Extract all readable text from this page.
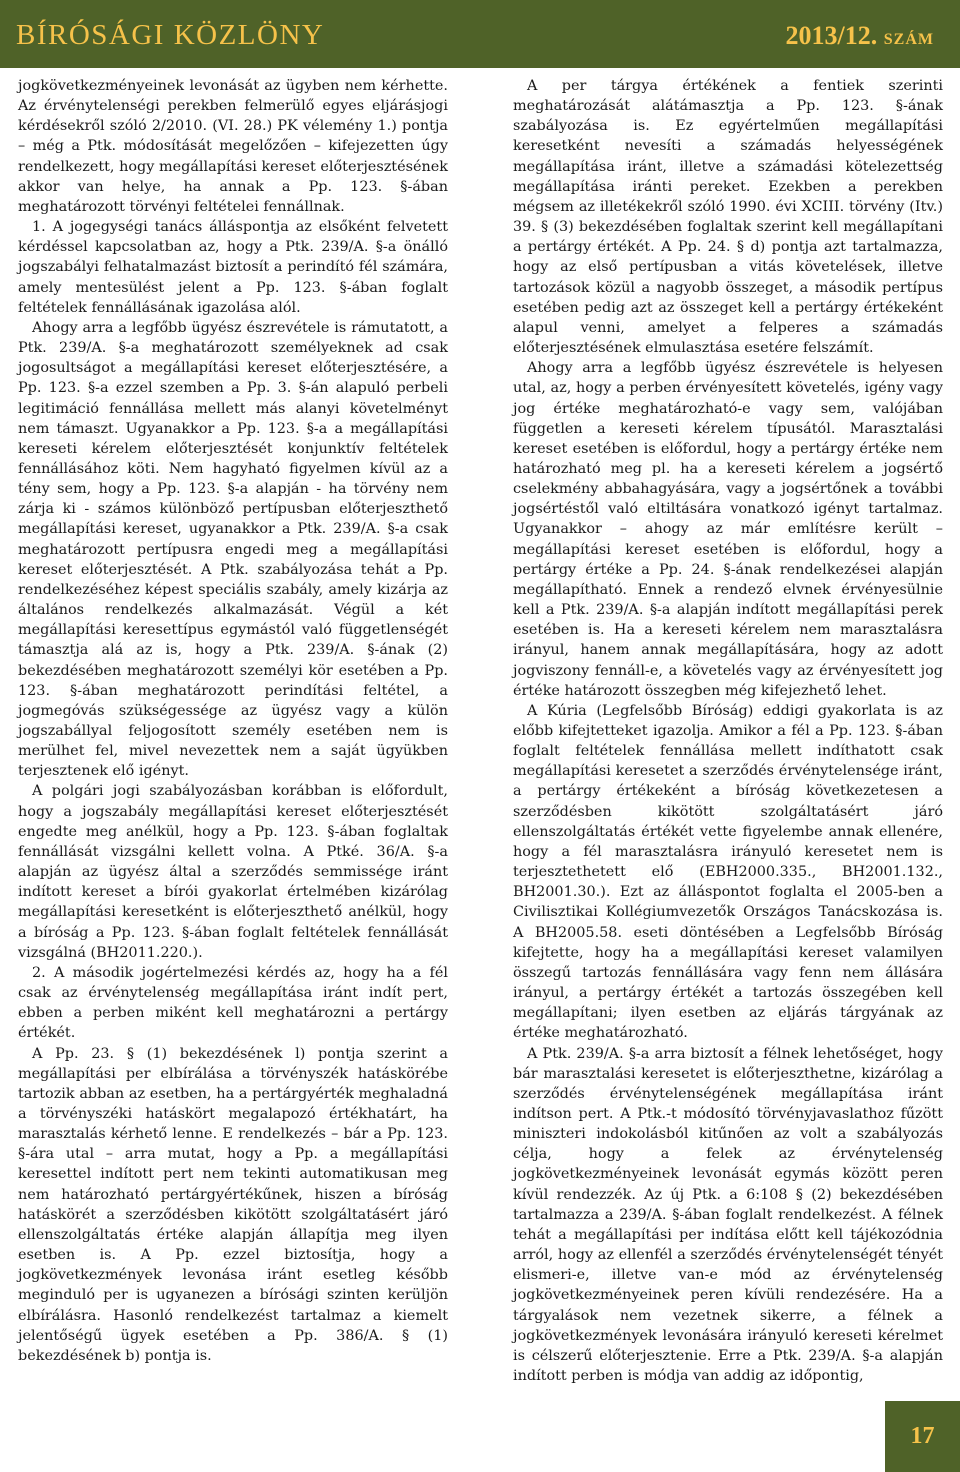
BÍRÓSÁGI KÖZLÖNY	2013/12. SZÁM

jogkövetkezményeinek levonását az ügyben nem kérhette. Az érvénytelenségi perekben felmerülő egyes eljárásjogi kérdésekről szóló 2/2010. (VI. 28.) PK vélemény 1.) pontja – még a Ptk. módosítását megelőzően – kifejezetten úgy rendelkezett, hogy megállapítási kereset előterjesztésének akkor van helye, ha annak a Pp. 123. §-ában meghatározott törvényi feltételei fennállnak.

1. A jogegységi tanács álláspontja az elsőként felvetett kérdéssel kapcsolatban az, hogy a Ptk. 239/A. §-a önálló jogszabályi felhatalmazást biztosít a perindító fél számára, amely mentesülést jelent a Pp. 123. §-ában foglalt feltételek fennállásának igazolása alól.

Ahogy arra a legfőbb ügyész észrevétele is rámutatott, a Ptk. 239/A. §-a meghatározott személyeknek ad csak jogosultságot a megállapítási kereset előterjesztésére, a Pp. 123. §-a ezzel szemben a Pp. 3. §-án alapuló perbeli legitimáció fennállása mellett más alanyi követelményt nem támaszt. Ugyanakkor a Pp. 123. §-a a megállapítási kereseti kérelem előterjesztését konjunktív feltételek fennállásához köti. Nem hagyható figyelmen kívül az a tény sem, hogy a Pp. 123. §-a alapján - ha törvény nem zárja ki - számos különböző pertípusban előterjeszthető megállapítási kereset, ugyanakkor a Ptk. 239/A. §-a csak meghatározott pertípusra engedi meg a megállapítási kereset előterjesztését. A Ptk. szabályozása tehát a Pp. rendelkezéséhez képest speciális szabály, amely kizárja az általános rendelkezés alkalmazását. Végül a két megállapítási keresettípus egymástól való függetlenségét támasztja alá az is, hogy a Ptk. 239/A. §-ának (2) bekezdésében meghatározott személyi kör esetében a Pp. 123. §-ában meghatározott perindítási feltétel, a jogmegóvás szükségessége az ügyész vagy a külön jogszabállyal feljogosított személy esetében nem is merülhet fel, mivel nevezettek nem a saját ügyükben terjesztenek elő igényt.

A polgári jogi szabályozásban korábban is előfordult, hogy a jogszabály megállapítási kereset előterjesztését engedte meg anélkül, hogy a Pp. 123. §-ában foglaltak fennállását vizsgálni kellett volna. A Ptké. 36/A. §-a alapján az ügyész által a szerződés semmissége iránt indított kereset a bírói gyakorlat értelmében kizárólag megállapítási keresetként is előterjeszthető anélkül, hogy a bíróság a Pp. 123. §-ában foglalt feltételek fennállását vizsgálná (BH2011.220.).

2. A második jogértelmezési kérdés az, hogy ha a fél csak az érvénytelenség megállapítása iránt indít pert, ebben a perben miként kell meghatározni a pertárgy értékét.

A Pp. 23. § (1) bekezdésének l) pontja szerint a megállapítási per elbírálása a törvényszék hatáskörébe tartozik abban az esetben, ha a pertárgyérték meghaladná a törvényszéki hatáskört megalapozó értékhatárt, ha marasztalás kérhető lenne. E rendelkezés – bár a Pp. 123. §-ára utal – arra mutat, hogy a Pp. a megállapítási keresettel indított pert nem tekinti automatikusan meg nem határozható pertárgyértékűnek, hiszen a bíróság hatáskörét a szerződésben kikötött szolgáltatásért járó ellenszolgáltatás értéke alapján állapítja meg ilyen esetben is. A Pp. ezzel biztosítja, hogy a jogkövetkezmények levonása iránt esetleg később meginduló per is ugyanezen a bírósági szinten kerüljön elbírálásra. Hasonló rendelkezést tartalmaz a kiemelt jelentőségű ügyek esetében a Pp. 386/A. § (1) bekezdésének b) pontja is.

A per tárgya értékének a fentiek szerinti meghatározását alátámasztja a Pp. 123. §-ának szabályozása is. Ez egyértelműen megállapítási keresetként nevesíti a számadás helyességének megállapítása iránt, illetve a számadási kötelezettség megállapítása iránti pereket. Ezekben a perekben mégsem az illetékekről szóló 1990. évi XCIII. törvény (Itv.) 39. § (3) bekezdésében foglaltak szerint kell megállapítani a pertárgy értékét. A Pp. 24. § d) pontja azt tartalmazza, hogy az első pertípusban a vitás követelések, illetve tartozások közül a nagyobb összeget, a második pertípus esetében pedig azt az összeget kell a pertárgy értékeként alapul venni, amelyet a felperes a számadás előterjesztésének elmulasztása esetére felszámít.

Ahogy arra a legfőbb ügyész észrevétele is helyesen utal, az, hogy a perben érvényesített követelés, igény vagy jog értéke meghatározható-e vagy sem, valójában független a kereseti kérelem típusától. Marasztalási kereset esetében is előfordul, hogy a pertárgy értéke nem határozható meg pl. ha a kereseti kérelem a jogsértő cselekmény abbahagyására, vagy a jogsértőnek a további jogsértéstől való eltiltására vonatkozó igényt tartalmaz. Ugyanakkor – ahogy az már említésre került – megállapítási kereset esetében is előfordul, hogy a pertárgy értéke a Pp. 24. §-ának rendelkezései alapján megállapítható. Ennek a rendező elvnek érvényesülnie kell a Ptk. 239/A. §-a alapján indított megállapítási perek esetében is. Ha a kereseti kérelem nem marasztalásra irányul, hanem annak megállapítására, hogy az adott jogviszony fennáll-e, a követelés vagy az érvényesített jog értéke határozott összegben még kifejezhető lehet.

A Kúria (Legfelsőbb Bíróság) eddigi gyakorlata is az előbb kifejtetteket igazolja. Amikor a fél a Pp. 123. §-ában foglalt feltételek fennállása mellett indíthatott csak megállapítási keresetet a szerződés érvénytelensége iránt, a pertárgy értékeként a bíróság következetesen a szerződésben kikötött szolgáltatásért járó ellenszolgáltatás értékét vette figyelembe annak ellenére, hogy a fél marasztalásra irányuló keresetet nem is terjesztethetett elő (EBH2000.335., BH2001.132., BH2001.30.). Ezt az álláspontot foglalta el 2005-ben a Civilisztikai Kollégiumvezetők Országos Tanácskozása is. A BH2005.58. eseti döntésében a Legfelsőbb Bíróság kifejtette, hogy ha a megállapítási kereset valamilyen összegű tartozás fennállására vagy fenn nem állására irányul, a pertárgy értékét a tartozás összegében kell megállapítani; ilyen esetben az eljárás tárgyának az értéke meghatározható.

A Ptk. 239/A. §-a arra biztosít a félnek lehetőséget, hogy bár marasztalási keresetet is előterjeszthetne, kizárólag a szerződés érvénytelenségének megállapítása iránt indítson pert. A Ptk.-t módosító törvényjavaslathoz fűzött miniszteri indokolásból kitűnően az volt a szabályozás célja, hogy a felek az érvénytelenség jogkövetkezményeinek levonását egymás között peren kívül rendezzék. Az új Ptk. a 6:108 § (2) bekezdésében tartalmazza a 239/A. §-ában foglalt rendelkezést. A félnek tehát a megállapítási per indítása előtt kell tájékozódnia arról, hogy az ellenfél a szerződés érvénytelenségét tényét elismeri-e, illetve van-e mód az érvénytelenség jogkövetkezményeinek peren kívüli rendezésére. Ha a tárgyalások nem vezetnek sikerre, a félnek a jogkövetkezmények levonására irányuló kereseti kérelmet is célszerű előterjesztenie. Erre a Ptk. 239/A. §-a alapján indított perben is módja van addig az időpontig,

17
